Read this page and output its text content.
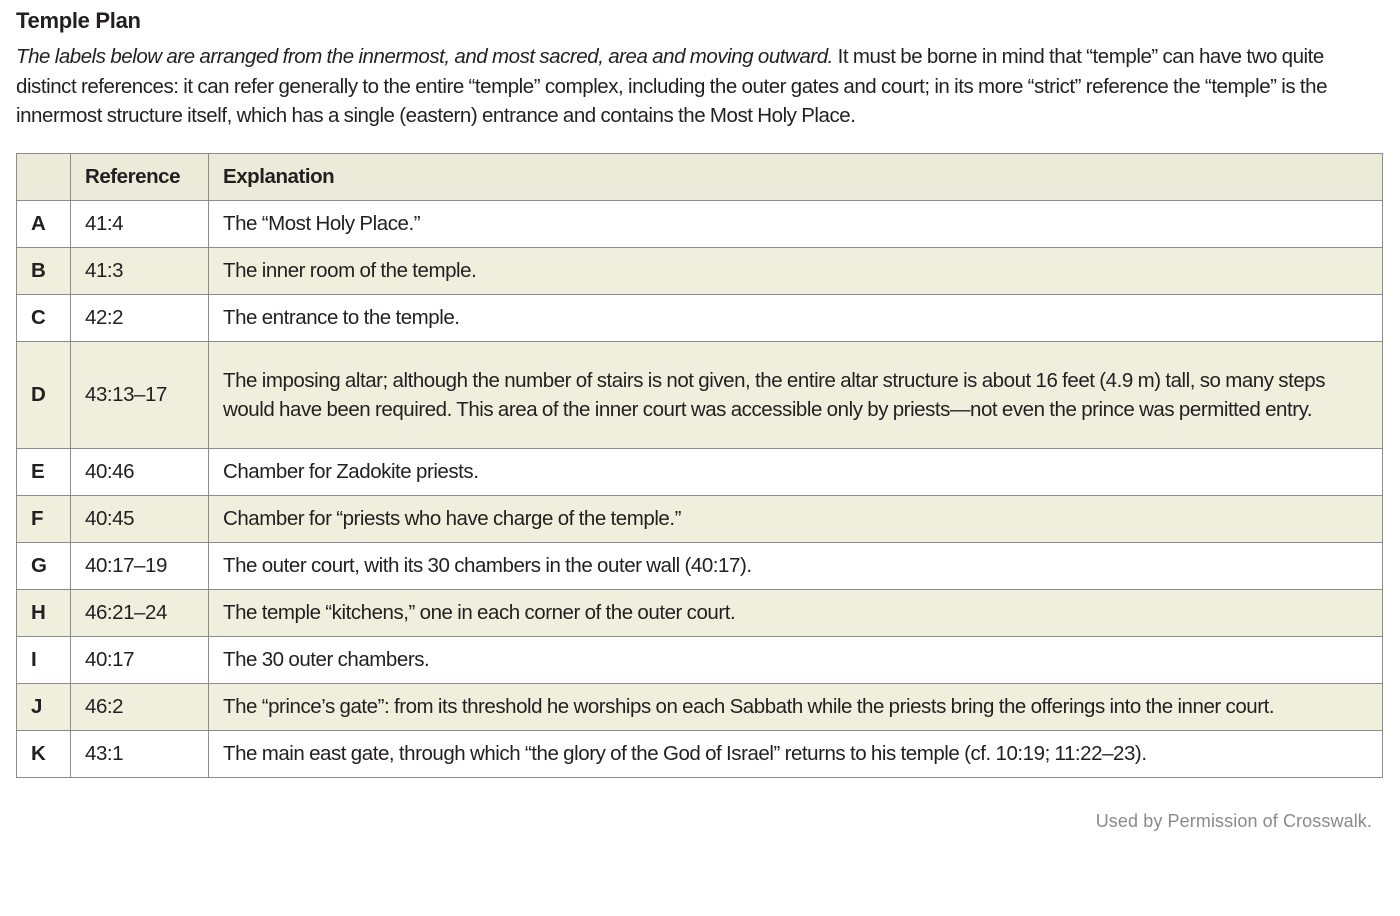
Temple Plan

The labels below are arranged from the innermost, and most sacred, area and moving outward. It must be borne in mind that “temple” can have two quite distinct references: it can refer generally to the entire “temple” complex, including the outer gates and court; in its more “strict” reference the “temple” is the innermost structure itself, which has a single (eastern) entrance and contains the Most Holy Place.

	Reference	Explanation
A	41:4	The “Most Holy Place.”
B	41:3	The inner room of the temple.
C	42:2	The entrance to the temple.
D	43:13–17	The imposing altar; although the number of stairs is not given, the entire altar structure is about 16 feet (4.9 m) tall, so many steps would have been required. This area of the inner court was accessible only by priests—not even the prince was permitted entry.
E	40:46	Chamber for Zadokite priests.
F	40:45	Chamber for “priests who have charge of the temple.”
G	40:17–19	The outer court, with its 30 chambers in the outer wall (40:17).
H	46:21–24	The temple “kitchens,” one in each corner of the outer court.
I	40:17	The 30 outer chambers.
J	46:2	The “prince’s gate”: from its threshold he worships on each Sabbath while the priests bring the offerings into the inner court.
K	43:1	The main east gate, through which “the glory of the God of Israel” returns to his temple (cf. 10:19; 11:22–23).
Used by Permission of Crosswalk.
